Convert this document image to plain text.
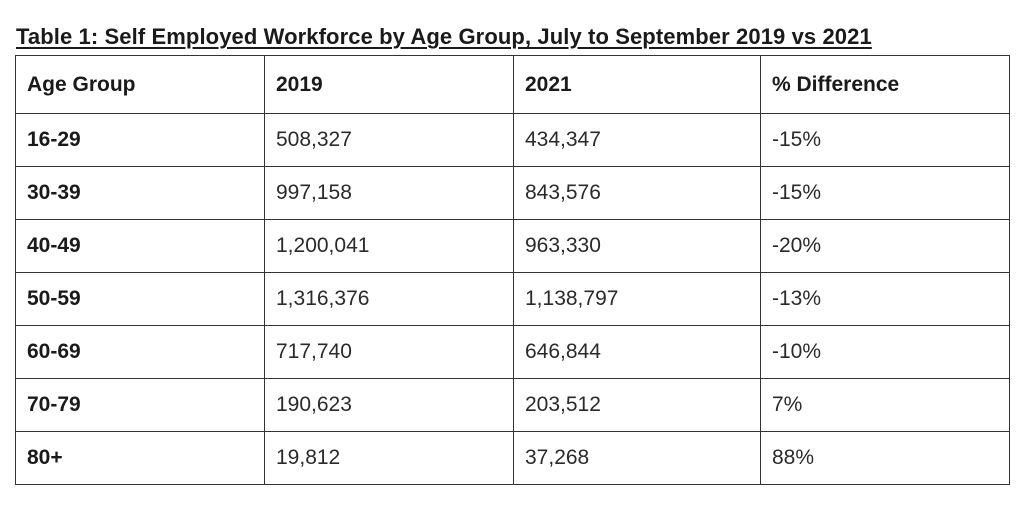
Table 1: Self Employed Workforce by Age Group, July to September 2019 vs 2021
Age Group	2019	2021	% Difference
16-29	508,327	434,347	-15%
30-39	997,158	843,576	-15%
40-49	1,200,041	963,330	-20%
50-59	1,316,376	1,138,797	-13%
60-69	717,740	646,844	-10%
70-79	190,623	203,512	7%
80+	19,812	37,268	88%
